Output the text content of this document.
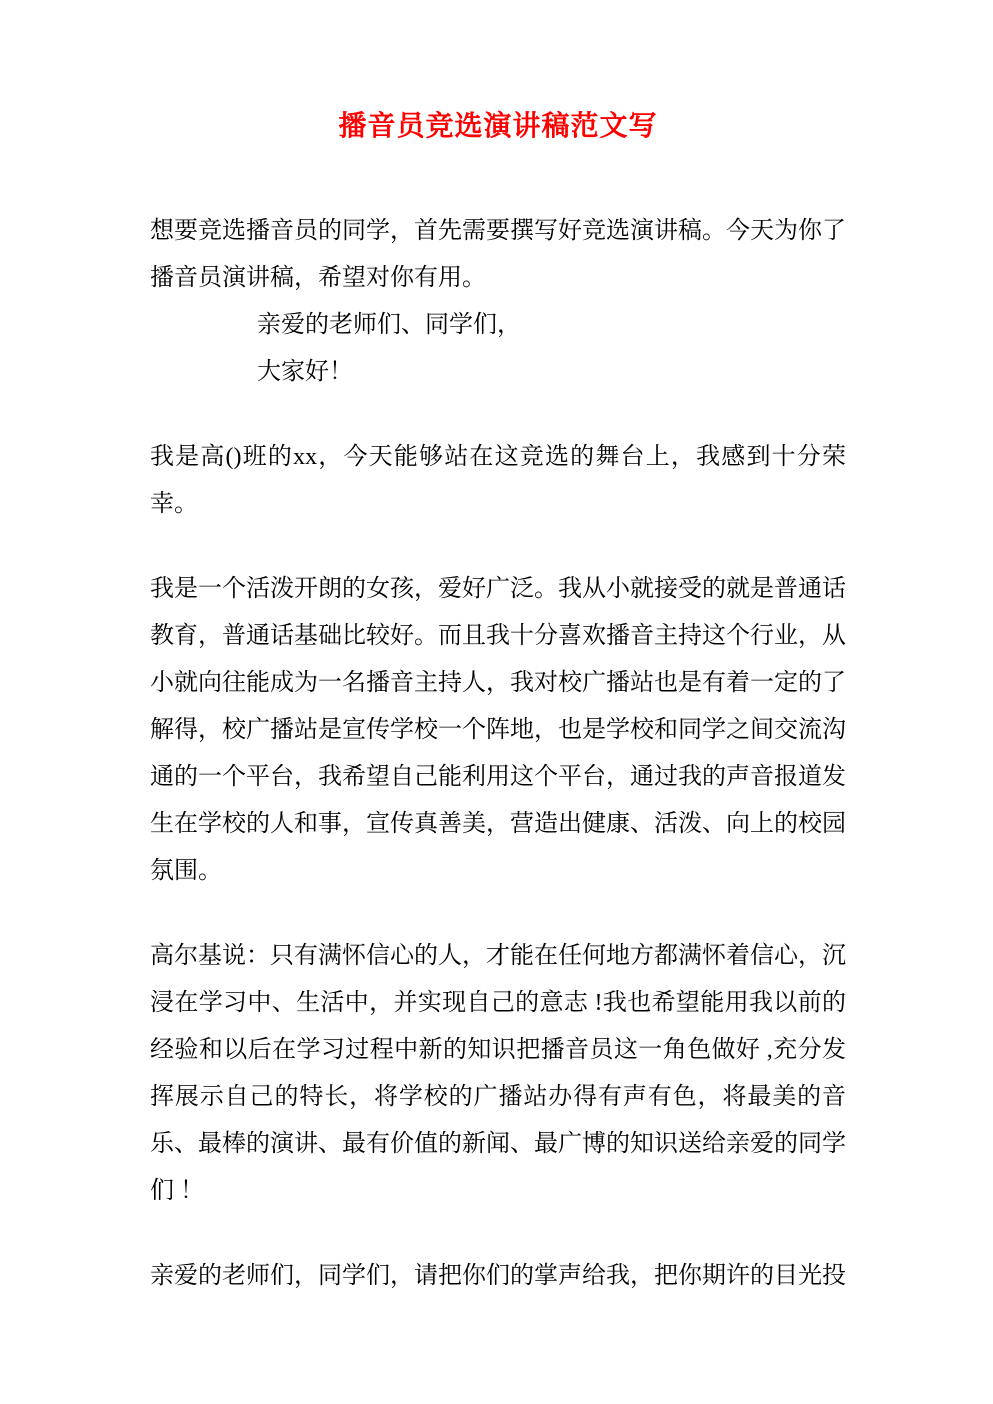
播音员竞选演讲稿范文写

想要竞选播音员的同学，首先需要撰写好竞选演讲稿。今天为你了播音员演讲稿，希望对你有用。

亲爱的老师们、同学们，

大家好！

我是高()班的xx，今天能够站在这竞选的舞台上，我感到十分荣幸。

我是一个活泼开朗的女孩，爱好广泛。我从小就接受的就是普通话教育，普通话基础比较好。而且我十分喜欢播音主持这个行业，从小就向往能成为一名播音主持人，我对校广播站也是有着一定的了解得，校广播站是宣传学校一个阵地，也是学校和同学之间交流沟通的一个平台，我希望自己能利用这个平台，通过我的声音报道发生在学校的人和事，宣传真善美，营造出健康、活泼、向上的校园氛围。

高尔基说：只有满怀信心的人，才能在任何地方都满怀着信心，沉浸在学习中、生活中，并实现自己的意志 !我也希望能用我以前的经验和以后在学习过程中新的知识把播音员这一角色做好 ,充分发挥展示自己的特长，将学校的广播站办得有声有色，将最美的音乐、最棒的演讲、最有价值的新闻、最广博的知识送给亲爱的同学们 ！

亲爱的老师们，同学们，请把你们的掌声给我，把你期许的目光投
